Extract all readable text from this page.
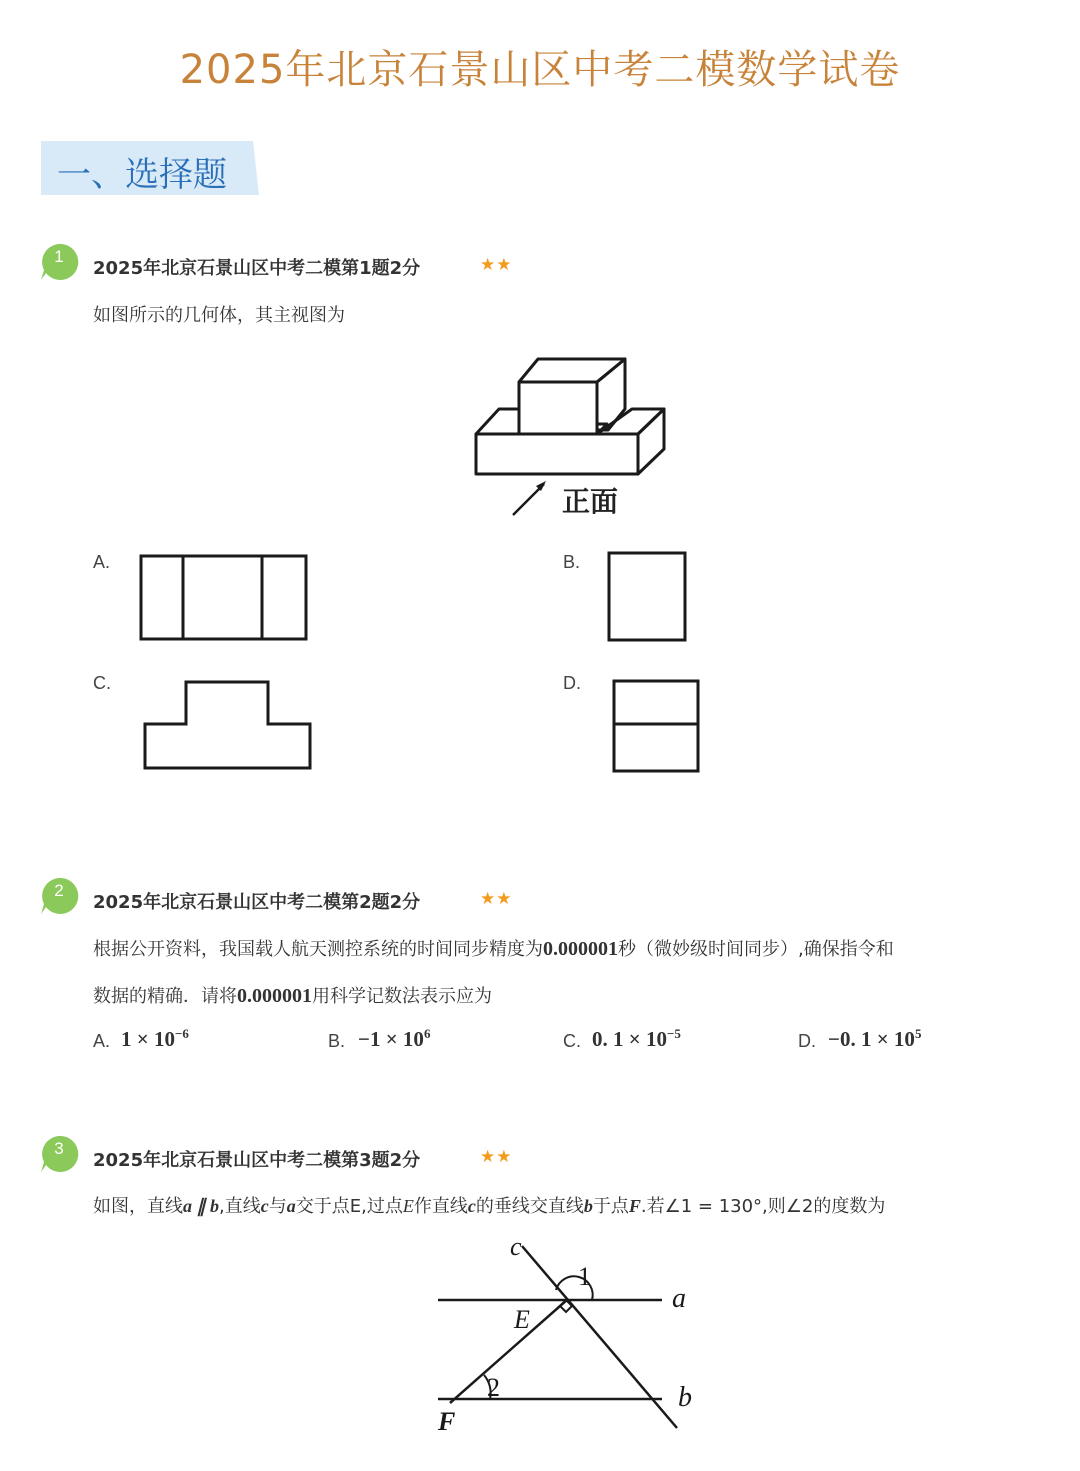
2025年北京石景山区中考二模数学试卷
一、选择题
1
2025年北京石景山区中考二模第1题2分	★★
如图所示的几何体，其主视图为
正面
A.	B.
C.	D.
2
2025年北京石景山区中考二模第2题2分	★★
根据公开资料，我国载人航天测控系统的时间同步精度为0.000001秒（微妙级时间同步）,确保指令和
数据的精确．请将0.000001用科学记数法表示应为
A. $1 \times 10^{-6}$	B. $-1 \times 10^6$	C. 0. $1 \times 10^{-5}$	D. −0. $1 \times 10^5$
3
2025年北京石景山区中考二模第3题2分	★★
如图，直线a ∥ b,直线c与a交于点E,过点E作直线c的垂线交直线b于点F.若∠1 = 130°,则∠2的度数为
c
1
a
E
2	b
F
